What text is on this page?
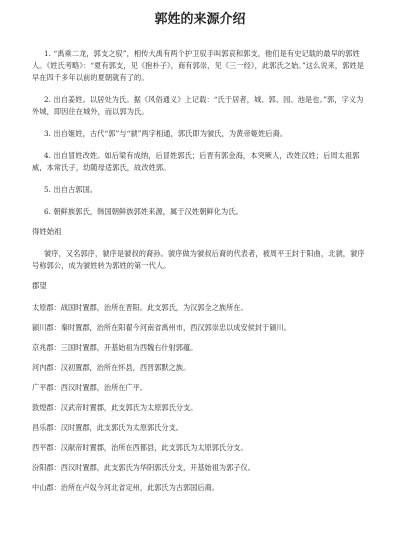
郭姓的来源介绍

1. “禹乘二龙，郭支之驭”，相传大禹有两个护卫驭手叫郭哀和郭支，他们是有史记载的最早的郭姓人。《姓氏考略》：“夏有郭支，见《抱朴子》，商有郭崇，见《三一经》，此郭氏之始。”这么说来，郭姓是早在四千多年以前的夏朝就有了的。

2. 出自姜姓。以居处为氏。据《风俗通义》上记载：“氏于居者，城、郭、园、池是也。”郭，字义为外城，即因住在城外，而以郭为氏。

3. 出自姬姓，古代“郭”与“虢”两字相通，郭氏即为虢氏，为黄帝姬姓后裔。

4. 出自冒姓改姓。如后梁有成纳，后冒姓郭氏；后晋有郭金海，本突厥人，改姓汉姓；后周太祖郭威，本常氏子，幼随母适郭氏，故改姓郭。

5. 出自古郭国。

6. 朝鲜族郭氏，韩国朝鲜族郭姓来源，属于汉姓朝鲜化为氏。

得姓始祖

虢序，又名郭序，虢序是虢叔的裔孙。虢序做为虢叔后裔的代表者，被周平王封于阳曲，北虢，虢序号称郭公，成为虢姓转为郭姓的第一代人。

郡望
太原郡：战国时置郡，治所在晋阳。此支郭氏，为汉郭全之族所在。
颍川郡：秦时置郡，治所在阳翟今河南省禹州市，西汉郭崇忠以成安侯封于颍川。
京兆郡：三国时置郡，开基始祖为西魏右什射郭蕴。
河内郡：汉初置郡，治所在怀县，西晋郭默之族。
广平郡：西汉时置郡，治所在广平。
敦煌郡：汉武帝时置郡，此支郭氏为太原郭氏分支。
昌乐郡：汉时置郡，此支郭氏为太原郭氏分支。
西平郡：汉献帝时置郡，治所在西都县，此支郭氏为太原郭氏分支。
汾阳郡：西汉时置郡，此支郭氏为华阴郭氏分支，开基始祖为郭子仪。
中山郡：治所在卢奴今河北省定州，此郭氏为古郭国后裔。
